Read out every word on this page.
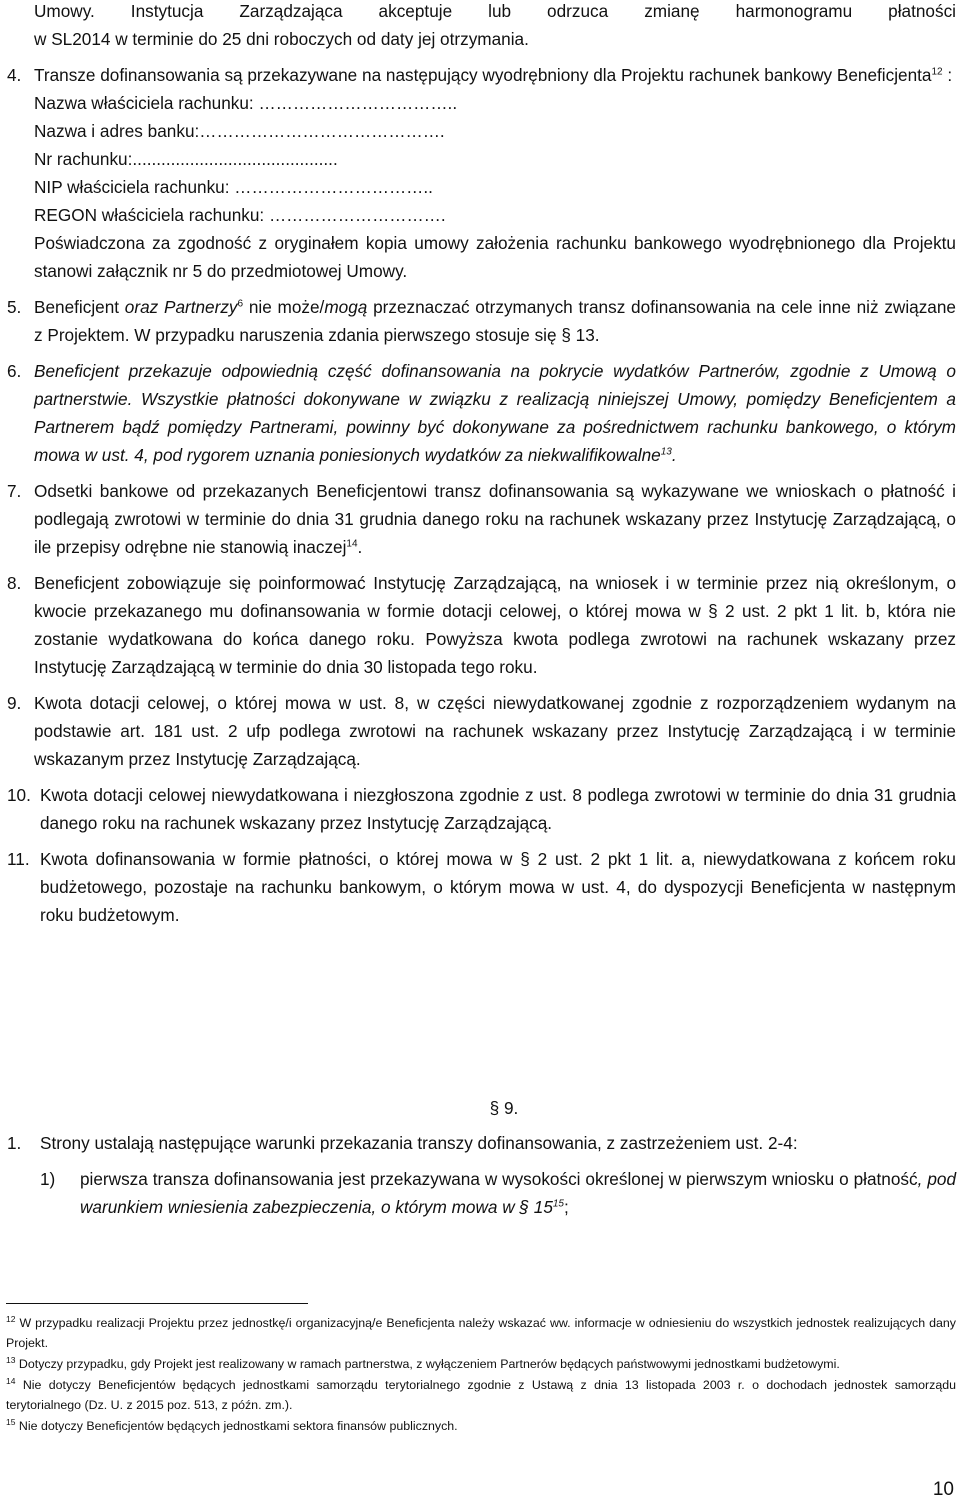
Umowy. Instytucja Zarządzająca akceptuje lub odrzuca zmianę harmonogramu płatności
w SL2014 w terminie do 25 dni roboczych od daty jej otrzymania.
4. Transze dofinansowania są przekazywane na następujący wyodrębniony dla Projektu rachunek bankowy Beneficjenta$^{12}$ :
Nazwa właściciela rachunku: ……………………………..
Nazwa i adres banku:…………………………………….
Nr rachunku:...........................................
NIP właściciela rachunku: ……………………………..
REGON właściciela rachunku: ………………………….
Poświadczona za zgodność z oryginałem kopia umowy założenia rachunku bankowego wyodrębnionego dla Projektu stanowi załącznik nr 5 do przedmiotowej Umowy.
5. Beneficjent oraz Partnerzy$^6$ nie może/mogą przeznaczać otrzymanych transz dofinansowania na cele inne niż związane z Projektem. W przypadku naruszenia zdania pierwszego stosuje się § 13.
6. Beneficjent przekazuje odpowiednią część dofinansowania na pokrycie wydatków Partnerów, zgodnie z Umową o partnerstwie. Wszystkie płatności dokonywane w związku z realizacją niniejszej Umowy, pomiędzy Beneficjentem a Partnerem bądź pomiędzy Partnerami, powinny być dokonywane za pośrednictwem rachunku bankowego, o którym mowa w ust. 4, pod rygorem uznania poniesionych wydatków za niekwalifikowalne$^{13}$.
7. Odsetki bankowe od przekazanych Beneficjentowi transz dofinansowania są wykazywane we wnioskach o płatność i podlegają zwrotowi w terminie do dnia 31 grudnia danego roku na rachunek wskazany przez Instytucję Zarządzającą, o ile przepisy odrębne nie stanowią inaczej$^{14}$.
8. Beneficjent zobowiązuje się poinformować Instytucję Zarządzającą, na wniosek i w terminie przez nią określonym, o kwocie przekazanego mu dofinansowania w formie dotacji celowej, o której mowa w § 2 ust. 2 pkt 1 lit. b, która nie zostanie wydatkowana do końca danego roku. Powyższa kwota podlega zwrotowi na rachunek wskazany przez Instytucję Zarządzającą w terminie do dnia 30 listopada tego roku.
9. Kwota dotacji celowej, o której mowa w ust. 8, w części niewydatkowanej zgodnie z rozporządzeniem wydanym na podstawie art. 181 ust. 2 ufp podlega zwrotowi na rachunek wskazany przez Instytucję Zarządzającą i w terminie wskazanym przez Instytucję Zarządzającą.
10. Kwota dotacji celowej niewydatkowana i niezgłoszona zgodnie z ust. 8 podlega zwrotowi w terminie do dnia 31 grudnia danego roku na rachunek wskazany przez Instytucję Zarządzającą.
11. Kwota dofinansowania w formie płatności, o której mowa w § 2 ust. 2 pkt 1 lit. a, niewydatkowana z końcem roku budżetowego, pozostaje na rachunku bankowym, o którym mowa w ust. 4, do dyspozycji Beneficjenta w następnym roku budżetowym.
§ 9.
1. Strony ustalają następujące warunki przekazania transzy dofinansowania, z zastrzeżeniem ust. 2-4:
1) pierwsza transza dofinansowania jest przekazywana w wysokości określonej w pierwszym wniosku o płatność, pod warunkiem wniesienia zabezpieczenia, o którym mowa w § $15^{15}$;
$^{12}$ W przypadku realizacji Projektu przez jednostkę/i organizacyjną/e Beneficjenta należy wskazać ww. informacje w odniesieniu do wszystkich jednostek realizujących dany Projekt.
$^{13}$ Dotyczy przypadku, gdy Projekt jest realizowany w ramach partnerstwa, z wyłączeniem Partnerów będących państwowymi jednostkami budżetowymi.
$^{14}$ Nie dotyczy Beneficjentów będących jednostkami samorządu terytorialnego zgodnie z Ustawą z dnia 13 listopada 2003 r. o dochodach jednostek samorządu terytorialnego (Dz. U. z 2015 poz. 513, z późn. zm.).
$^{15}$ Nie dotyczy Beneficjentów będących jednostkami sektora finansów publicznych.
10
